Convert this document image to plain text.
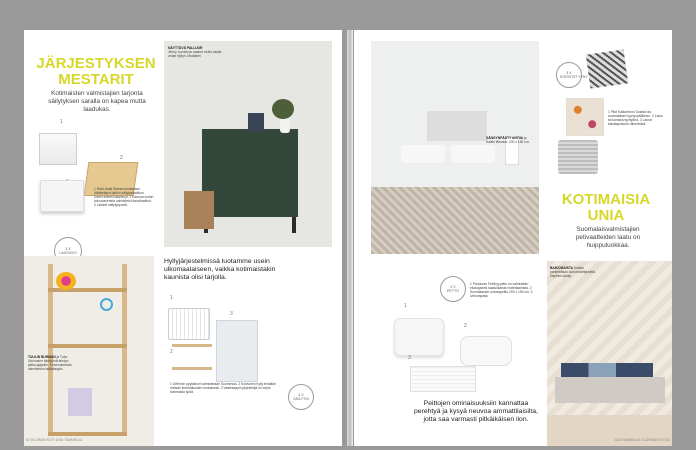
JÄRJESTYKSEN MESTARIT
Kotimaisten valmistajien tarjonta säilytyksen saralla on kapea mutta laadukas.
1
2
3 X LAATIKKO
1 Ricki-Matti Raiban lautalaisen Näätteiäpin bäkön säilytyslaatikon. Dolen asteet kaksilevyt. 2 Kainuun koturi koivuvanerista valmistetut kansilaatikot. 3 Lasiset säilytyspurkit.
NÄYTTÄVÄ PALLUUR
Jenny Lundia on saanut mulla vaalla oman hyllyn. Muitabrin
TUULIN BURMAN ja Tuhu Utuhusien käsityönä tehdyn jakka-ajajakin. Koivuvanerista valmistetun taittokaapin.
Hyllyjärjestelmissä luotamme usein ulkomaalaiseen, vaikka kotimaistakin kaunista olisi tarjolla.
1
2
3
3 X SÄILYTIN
1 Orthexin pyykkikori valmistetaan Suomessa. 2 Koivuinen hylly tehdään metsän kiertotalouden mukaisesti. 3 Vaatekaapin järjestelijä on myös kotimaista työtä.
62 GLORIAN KOTI 2016 TAMMIKUU
SÄNGYNPÄÄTY ANTIIA ja Kaikki lähiosat, 200 x 160 cm.
3 X KORISTETYYNY
1 Pike Kalkonrbon Dolaski da suomalaisen tyynynpäällinen. 2 Laulu tai kanissa tyynyliina. 3 Laivun kaislaajostoos rähmäristä.
KOTIMAISIA UNIA
Suomalaisvalmistajien petivaatteiden laatu on huippuluokkaa.
3 X PETTO
1 Pandoran Feeling-pelto on valmistettu ekologisesti laadukkaista materiaaleista. 2 Suomalainen untuvapeitto 200 x 150 cm. 3 Untuvapatja.
1
2
3
Peittojen ominaisuuksiin kannattaa perehtyä ja kysyä neuvoa ammattilaisilta, jotta saa varmasti pitkäikäisen ilon.
BAIKOMAISTA Kaldun parkettitaulu koivunvärityksellä. Daybed-sänky.
2016 TAMMIKUU GLORIAN KOTI 63
